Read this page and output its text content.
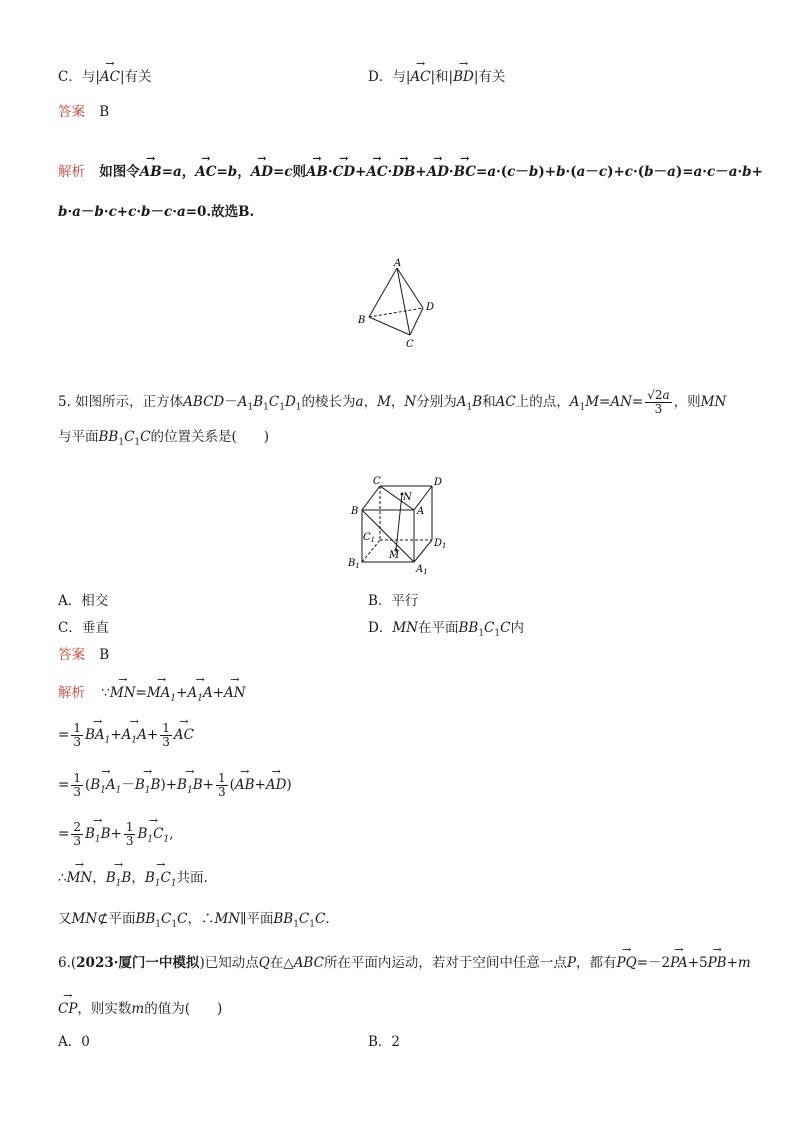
C．与|→ AC|有关	D．与|→ AC|和|→ BD|有关
答案 B
解析 如图令→ AB=a，→ AC=b，→ AD=c则→ AB·→ CD+→ AC·→ DB+→ AD·→ BC=a·(c－b)+b·(a－c)+c·(b－a)=a·c－a·b+
b·a－b·c+c·b－c·a=0.故选B.
A
B
C
D
5. 如图所示，正方体$ABCD-A_1B_1C_1D_1$的棱长为a，M，N分别为$A_1B$和AC上的点，$A_1M=AN= \frac{√2a}{3}$ ，则MN
与平面$BB_1C_1C$的位置关系是(　　)
C	D
N
B	A
$C_1$
M
$D_1$
$B_1$	$A_1$
A．相交	B．平行
C．垂直	D．MN在平面$BB_1C_1C$内
答案 B
解析 ∵→ $MN=\to MA_1+\to A_1A+\to$ AN
= $\frac{1}{3}$
→ $BA_1+\to A_1A+ \frac{1}{3}$
→ AC
= $\frac{1}{3}$ (→ $B_1A_1-\to B_1B)+\to B_1B+ \frac{1}{3}$ (→ AB+→ AD)
= $\frac{2}{3}$
→ $B_1B+ \frac{1}{3}$
→ $B_1C_1$,
∴→ MN，→ $B_1B$，→ $B_1C_1$共面.
又MN⊄平面$BB_1C_1C$，∴MN∥平面$BB_1C_1C$.
6.(2023·厦门一中模拟)已知动点Q在△ABC所在平面内运动，若对于空间中任意一点P，都有→ PQ=－2→ PA+5→ PB+m
→ CP，则实数m的值为(　　)
A．0	B．2
